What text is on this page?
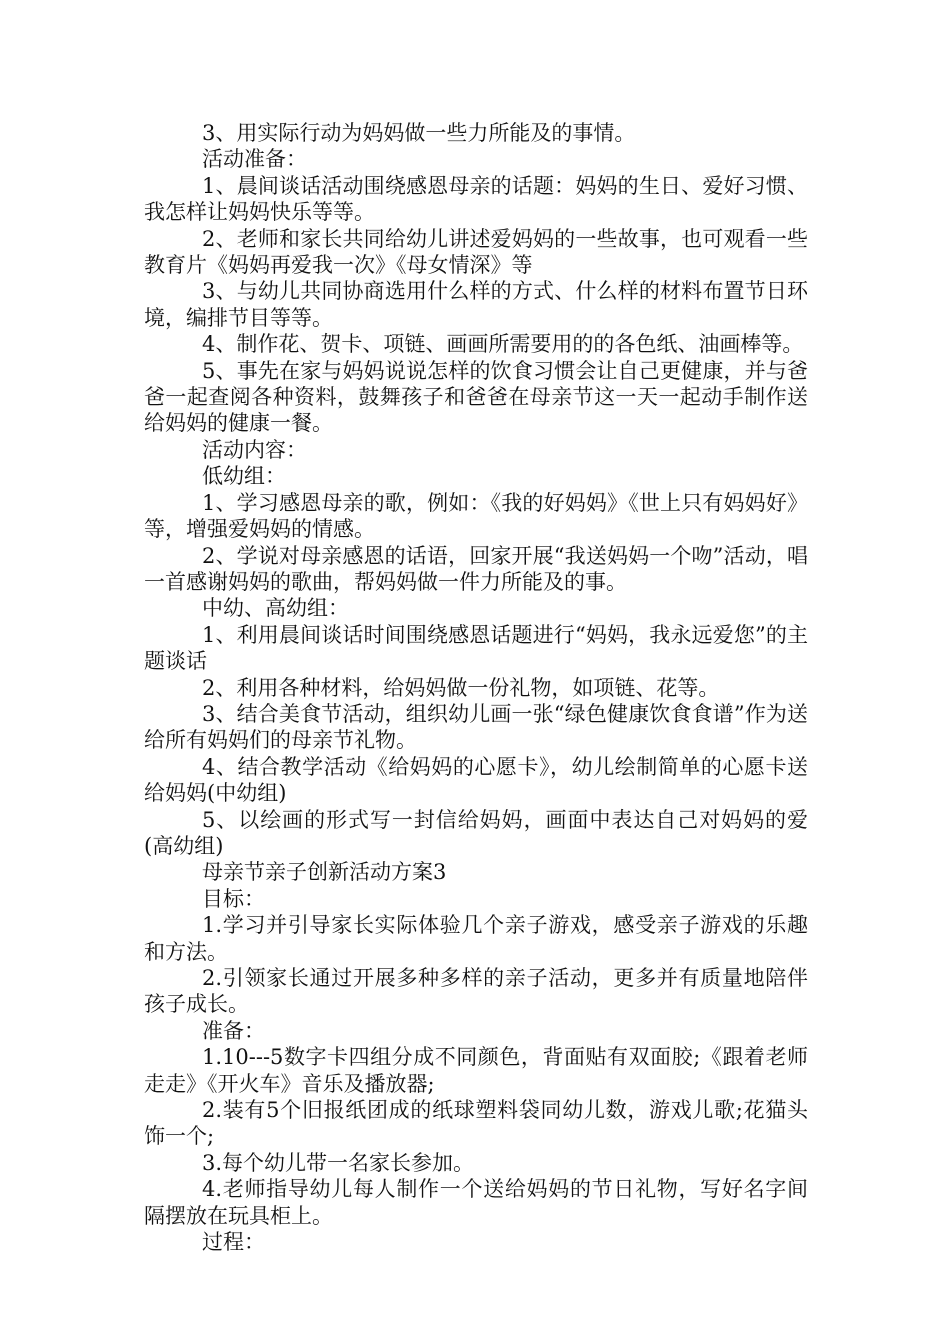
3、用实际行动为妈妈做一些力所能及的事情。

活动准备：

1、晨间谈话活动围绕感恩母亲的话题：妈妈的生日、爱好习惯、我怎样让妈妈快乐等等。

2、老师和家长共同给幼儿讲述爱妈妈的一些故事，也可观看一些教育片《妈妈再爱我一次》《母女情深》等

3、与幼儿共同协商选用什么样的方式、什么样的材料布置节日环境，编排节目等等。

4、制作花、贺卡、项链、画画所需要用的的各色纸、油画棒等。

5、事先在家与妈妈说说怎样的饮食习惯会让自己更健康，并与爸爸一起查阅各种资料，鼓舞孩子和爸爸在母亲节这一天一起动手制作送给妈妈的健康一餐。

活动内容：

低幼组：

1、学习感恩母亲的歌，例如：《我的好妈妈》《世上只有妈妈好》等，增强爱妈妈的情感。

2、学说对母亲感恩的话语，回家开展“我送妈妈一个吻”活动，唱一首感谢妈妈的歌曲，帮妈妈做一件力所能及的事。

中幼、高幼组：

1、利用晨间谈话时间围绕感恩话题进行“妈妈，我永远爱您”的主题谈话

2、利用各种材料，给妈妈做一份礼物，如项链、花等。

3、结合美食节活动，组织幼儿画一张“绿色健康饮食食谱”作为送给所有妈妈们的母亲节礼物。

4、结合教学活动《给妈妈的心愿卡》，幼儿绘制简单的心愿卡送给妈妈(中幼组)

5、以绘画的形式写一封信给妈妈，画面中表达自己对妈妈的爱(高幼组)

母亲节亲子创新活动方案3

目标：

1.学习并引导家长实际体验几个亲子游戏，感受亲子游戏的乐趣和方法。

2.引领家长通过开展多种多样的亲子活动，更多并有质量地陪伴孩子成长。

准备：

1.10---5数字卡四组分成不同颜色，背面贴有双面胶;《跟着老师走走》《开火车》音乐及播放器;

2.装有5个旧报纸团成的纸球塑料袋同幼儿数，游戏儿歌;花猫头饰一个;

3.每个幼儿带一名家长参加。

4.老师指导幼儿每人制作一个送给妈妈的节日礼物，写好名字间隔摆放在玩具柜上。

过程：
